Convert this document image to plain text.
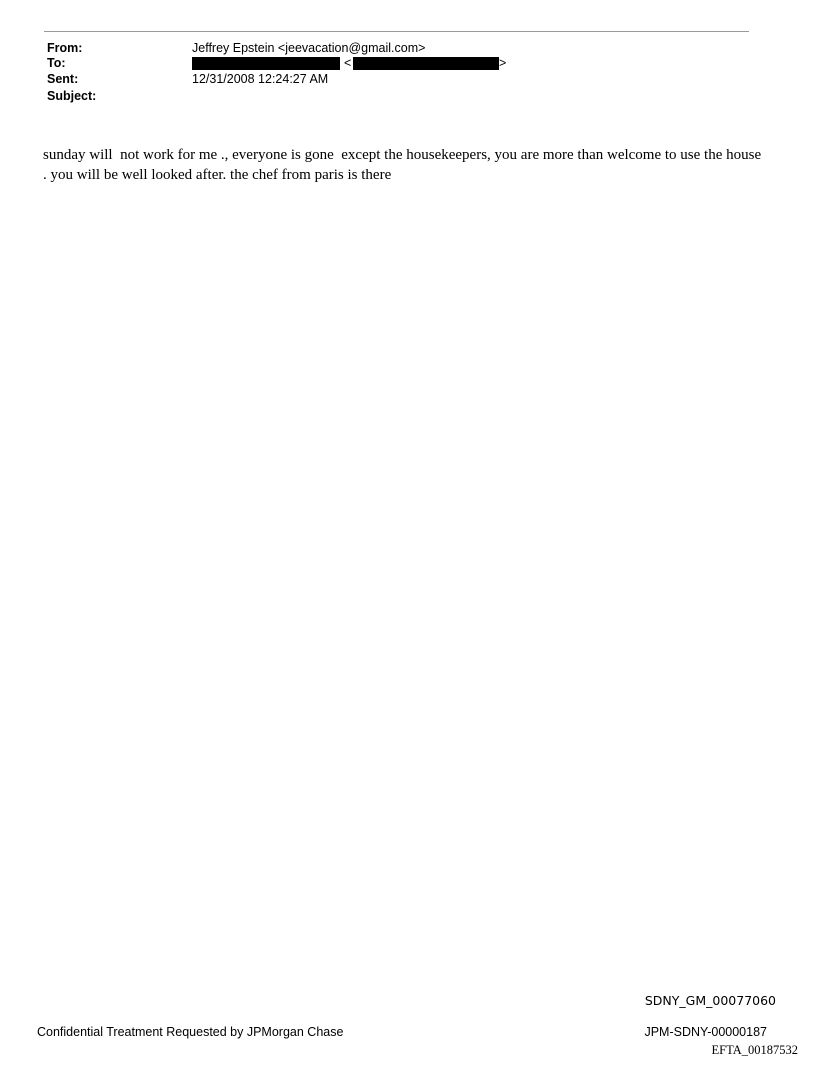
From:	Jeffrey Epstein <jeevacation@gmail.com>
To:	<	>
Sent:	12/31/2008 12:24:27 AM
Subject:
sunday will  not work for me ., everyone is gone  except the housekeepers, you are more than welcome to use the house . you will be well looked after. the chef from paris is there
SDNY_GM_00077060
Confidential Treatment Requested by JPMorgan Chase	JPM-SDNY-00000187
EFTA_00187532
